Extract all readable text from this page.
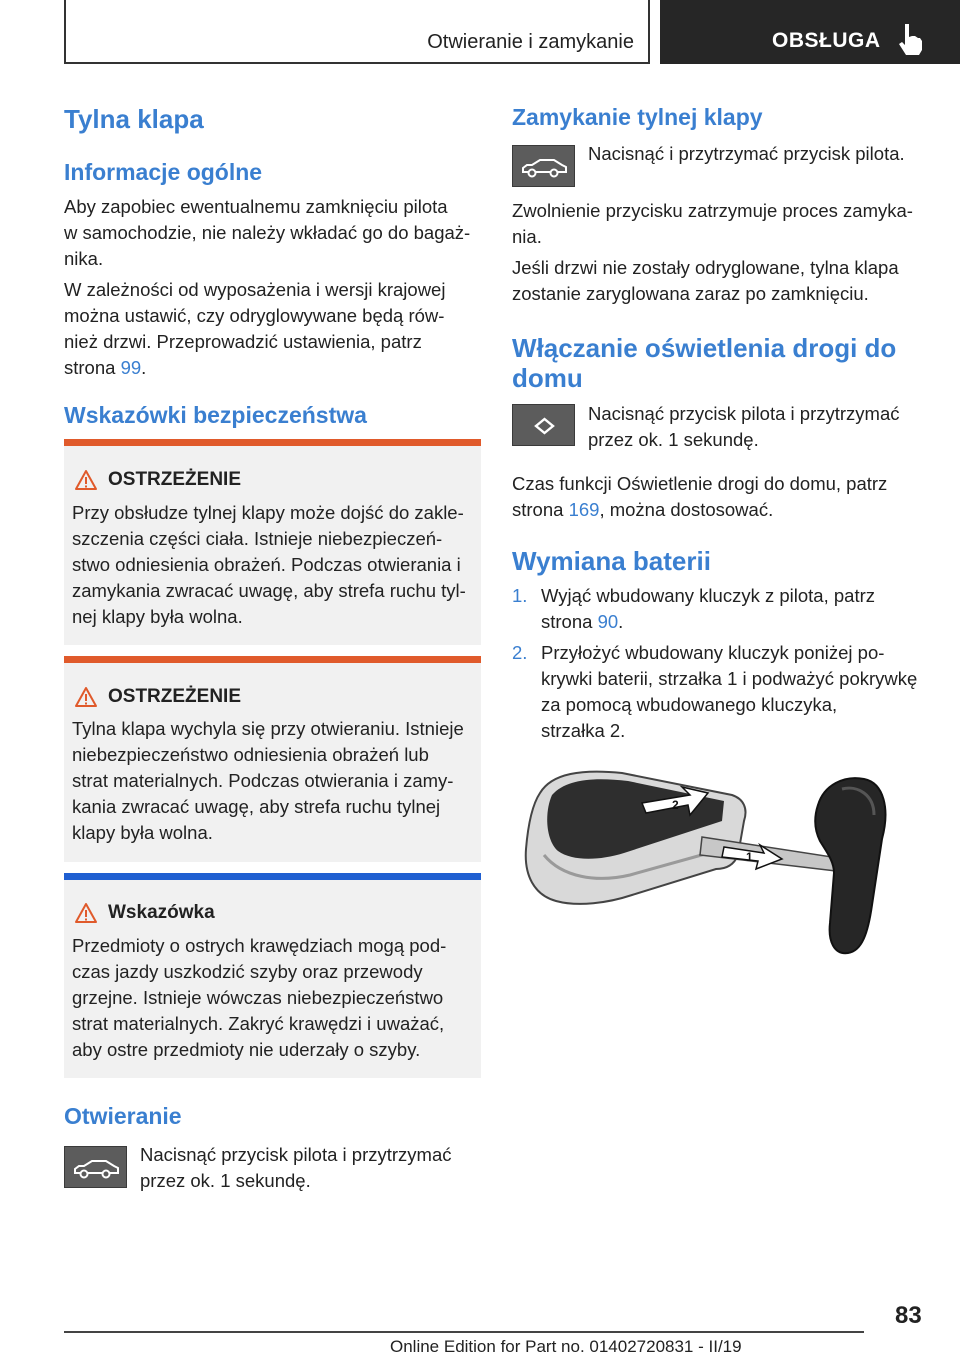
Otwieranie i zamykanie	OBSŁUGA
Tylna klapa
Informacje ogólne

Aby zapobiec ewentualnemu zamknięciu pilota
w samochodzie, nie należy wkładać go do bagaż-
nika.

W zależności od wyposażenia i wersji krajowej
można ustawić, czy odryglowywane będą rów-
nież drzwi. Przeprowadzić ustawienia, patrz
strona 99.

Wskazówki bezpieczeństwa
OSTRZEŻENIE

Przy obsłudze tylnej klapy może dojść do zakle-
szczenia części ciała. Istnieje niebezpieczeń-
stwo odniesienia obrażeń. Podczas otwierania i
zamykania zwracać uwagę, aby strefa ruchu tyl-
nej klapy była wolna.

OSTRZEŻENIE

Tylna klapa wychyla się przy otwieraniu. Istnieje
niebezpieczeństwo odniesienia obrażeń lub
strat materialnych. Podczas otwierania i zamy-
kania zwracać uwagę, aby strefa ruchu tylnej
klapy była wolna.

Wskazówka

Przedmioty o ostrych krawędziach mogą pod-
czas jazdy uszkodzić szyby oraz przewody
grzejne. Istnieje wówczas niebezpieczeństwo
strat materialnych. Zakryć krawędzi i uważać,
aby ostre przedmioty nie uderzały o szyby.

Otwieranie

Nacisnąć przycisk pilota i przytrzymać
przez ok. 1 sekundę.

Zamykanie tylnej klapy

Nacisnąć i przytrzymać przycisk pilota.

Zwolnienie przycisku zatrzymuje proces zamyka-
nia.

Jeśli drzwi nie zostały odryglowane, tylna klapa
zostanie zaryglowana zaraz po zamknięciu.

Włączanie oświetlenia drogi do
domu

Nacisnąć przycisk pilota i przytrzymać
przez ok. 1 sekundę.

Czas funkcji Oświetlenie drogi do domu, patrz
strona 169, można dostosować.

Wymiana baterii
1. Wyjąć wbudowany kluczyk z pilota, patrz
strona 90.
2. Przyłożyć wbudowany kluczyk poniżej po-
krywki baterii, strzałka 1 i podważyć pokrywkę
za pomocą wbudowanego kluczyka,
strzałka 2.
2
1
83
Online Edition for Part no. 01402720831 - II/19
